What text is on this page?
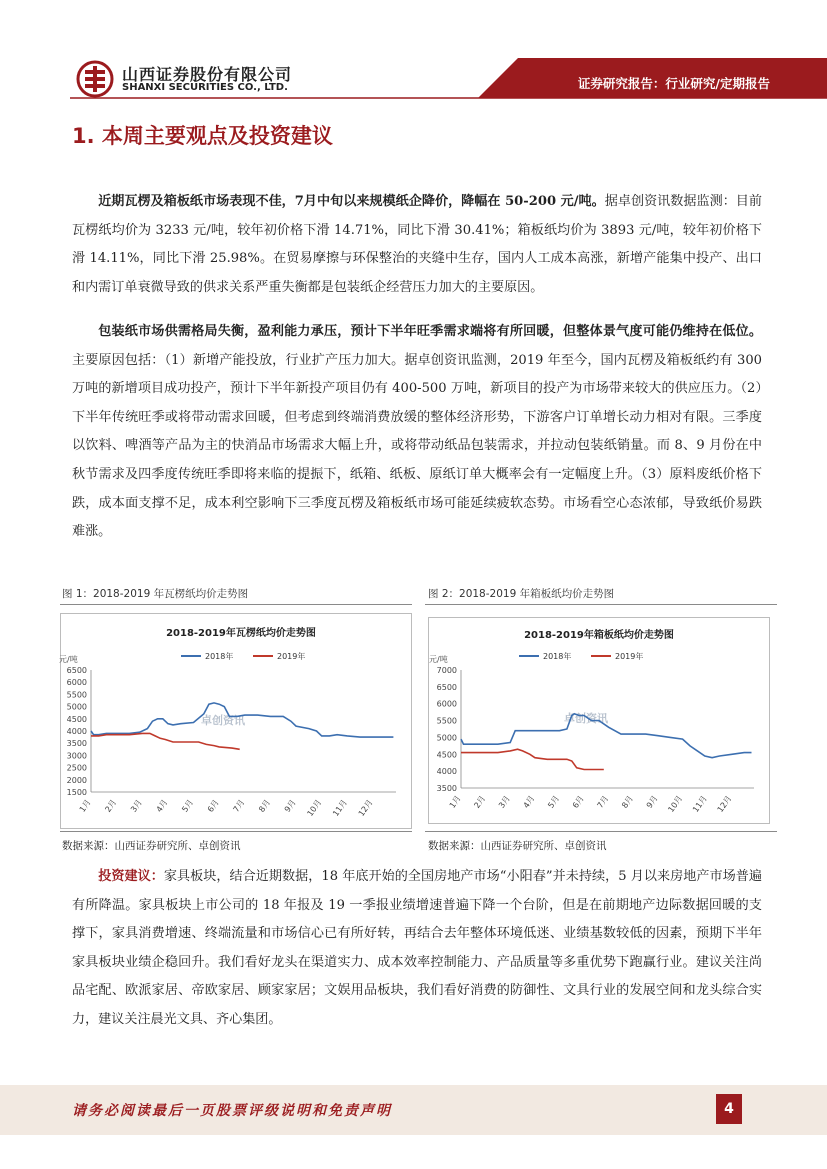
山西证券股份有限公司
SHANXI SECURITIES CO., LTD.	证券研究报告：行业研究/定期报告
1. 本周主要观点及投资建议
近期瓦楞及箱板纸市场表现不佳，7月中旬以来规模纸企降价，降幅在 50-200 元/吨。据卓创资讯数据监测：目前瓦楞纸均价为 3233 元/吨，较年初价格下滑 14.71%，同比下滑 30.41%；箱板纸均价为 3893 元/吨，较年初价格下滑 14.11%，同比下滑 25.98%。在贸易摩擦与环保整治的夹缝中生存，国内人工成本高涨，新增产能集中投产、出口和内需订单衰微导致的供求关系严重失衡都是包装纸企经营压力加大的主要原因。
包装纸市场供需格局失衡，盈利能力承压，预计下半年旺季需求端将有所回暖，但整体景气度可能仍维持在低位。主要原因包括：（1）新增产能投放，行业扩产压力加大。据卓创资讯监测，2019 年至今，国内瓦楞及箱板纸约有 300 万吨的新增项目成功投产，预计下半年新投产项目仍有 400-500 万吨，新项目的投产为市场带来较大的供应压力。（2）下半年传统旺季或将带动需求回暖，但考虑到终端消费放缓的整体经济形势，下游客户订单增长动力相对有限。三季度以饮料、啤酒等产品为主的快消品市场需求大幅上升，或将带动纸品包装需求，并拉动包装纸销量。而 8、9 月份在中秋节需求及四季度传统旺季即将来临的提振下，纸箱、纸板、原纸订单大概率会有一定幅度上升。（3）原料废纸价格下跌，成本面支撑不足，成本利空影响下三季度瓦楞及箱板纸市场可能延续疲软态势。市场看空心态浓郁，导致纸价易跌难涨。
图 1：2018-2019 年瓦楞纸均价走势图	图 2：2018-2019 年箱板纸均价走势图
2018-2019年瓦楞纸均价走势图
元/吨	2018年	2019年
1500
2000
2500
3000
3500
4000
4500
5000
5500
6000
6500
1月 2月 3月 4月 5月 6月 7月 8月 9月 10月 11月 12月
卓创资讯
2018-2019年箱板纸均价走势图
元/吨	2018年	2019年
3500
4000
4500
5000
5500
6000
6500
7000
1月 2月 3月 4月 5月 6月 7月 8月 9月 10月 11月 12月
卓创资讯
数据来源：山西证券研究所、卓创资讯	数据来源：山西证券研究所、卓创资讯
投资建议：家具板块，结合近期数据，18 年底开始的全国房地产市场“小阳春”并未持续，5 月以来房地产市场普遍有所降温。家具板块上市公司的 18 年报及 19 一季报业绩增速普遍下降一个台阶，但是在前期地产边际数据回暖的支撑下，家具消费增速、终端流量和市场信心已有所好转，再结合去年整体环境低迷、业绩基数较低的因素，预期下半年家具板块业绩企稳回升。我们看好龙头在渠道实力、成本效率控制能力、产品质量等多重优势下跑赢行业。建议关注尚品宅配、欧派家居、帝欧家居、顾家家居；文娱用品板块，我们看好消费的防御性、文具行业的发展空间和龙头综合实力，建议关注晨光文具、齐心集团。
请务必阅读最后一页股票评级说明和免责声明	4
